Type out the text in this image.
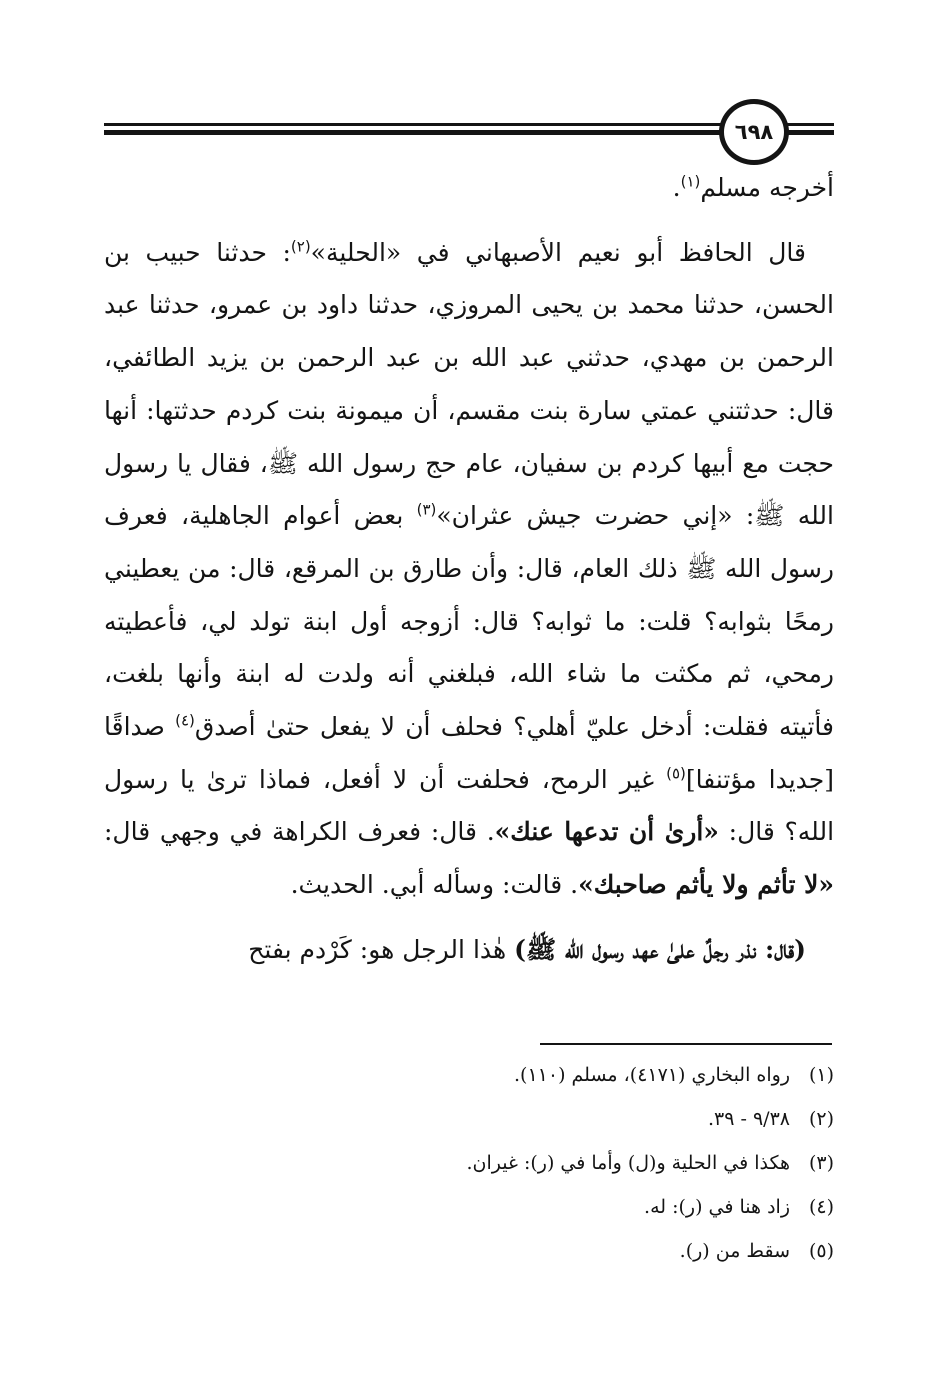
٦٩٨

أخرجه مسلم$^{(١)}$.

قال الحافظ أبو نعيم الأصبهاني في «الحلية»$^{(٢)}$: حدثنا حبيب بن الحسن، حدثنا محمد بن يحيى المروزي، حدثنا داود بن عمرو، حدثنا عبد الرحمن بن مهدي، حدثني عبد الله بن عبد الرحمن بن يزيد الطائفي، قال: حدثتني عمتي سارة بنت مقسم، أن ميمونة بنت كردم حدثتها: أنها حجت مع أبيها كردم بن سفيان، عام حج رسول الله ﷺ، فقال يا رسول الله ﷺ: «إني حضرت جيش عثران»$^{(٣)}$ بعض أعوام الجاهلية، فعرف رسول الله ﷺ ذلك العام، قال: وأن طارق بن المرقع، قال: من يعطيني رمحًا بثوابه؟ قلت: ما ثوابه؟ قال: أزوجه أول ابنة تولد لي، فأعطيته رمحي، ثم مكثت ما شاء الله، فبلغني أنه ولدت له ابنة وأنها بلغت، فأتيته فقلت: أدخل عليّ أهلي؟ فحلف أن لا يفعل حتىٰ أصدق$^{(٤)}$ صداقًا [جديدا مؤتنفا]$^{(٥)}$ غير الرمح، فحلفت أن لا أفعل، فماذا ترىٰ يا رسول الله؟ قال: «أرىٰ أن تدعها عنك». قال: فعرف الكراهة في وجهي قال: «لا تأثم ولا يأثم صاحبك». قالت: وسأله أبي. الحديث.

(قال: نذر رجلٌ علىٰ عهد رسول الله ﷺ) هٰذا الرجل هو: كَرْدم بفتح

(١)رواه البخاري (٤١٧١)، مسلم (١١٠).
(٢)٩/٣٨ - ٣٩.
(٣)هكذا في الحلية و(ل) وأما في (ر): غيران.
(٤)زاد هنا في (ر): له.
(٥)سقط من (ر).
